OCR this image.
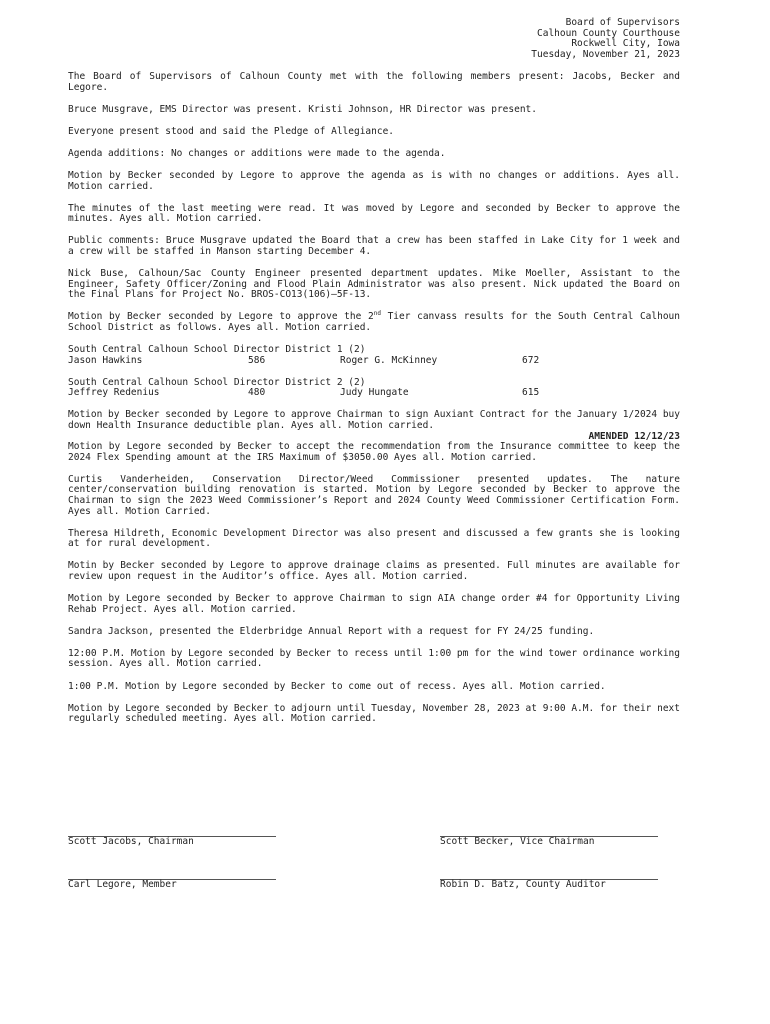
Board of Supervisors
Calhoun County Courthouse
Rockwell City, Iowa
Tuesday, November 21, 2023

The Board of Supervisors of Calhoun County met with the following members present: Jacobs, Becker and Legore.

Bruce Musgrave, EMS Director was present. Kristi Johnson, HR Director was present.

Everyone present stood and said the Pledge of Allegiance.

Agenda additions: No changes or additions were made to the agenda.

Motion by Becker seconded by Legore to approve the agenda as is with no changes or additions. Ayes all. Motion carried.

The minutes of the last meeting were read. It was moved by Legore and seconded by Becker to approve the minutes. Ayes all. Motion carried.

Public comments: Bruce Musgrave updated the Board that a crew has been staffed in Lake City for 1 week and a crew will be staffed in Manson starting December 4.

Nick Buse, Calhoun/Sac County Engineer presented department updates. Mike Moeller, Assistant to the Engineer, Safety Officer/Zoning and Flood Plain Administrator was also present. Nick updated the Board on the Final Plans for Project No. BROS-CO13(106)—5F-13.

Motion by Becker seconded by Legore to approve the 2nd Tier canvass results for the South Central Calhoun School District as follows. Ayes all. Motion carried.

South Central Calhoun School Director District 1 (2)
Jason Hawkins	586	Roger G. McKinney	672
South Central Calhoun School Director District 2 (2)
Jeffrey Redenius	480	Judy Hungate	615

Motion by Becker seconded by Legore to approve Chairman to sign Auxiant Contract for the January 1/2024 buy down Health Insurance deductible plan. Ayes all. Motion carried.

AMENDED 12/12/23

Motion by Legore seconded by Becker to accept the recommendation from the Insurance committee to keep the 2024 Flex Spending amount at the IRS Maximum of $3050.00 Ayes all. Motion carried.

Curtis Vanderheiden, Conservation Director/Weed Commissioner presented updates. The nature center/conservation building renovation is started. Motion by Legore seconded by Becker to approve the Chairman to sign the 2023 Weed Commissioner’s Report and 2024 County Weed Commissioner Certification Form. Ayes all. Motion Carried.

Theresa Hildreth, Economic Development Director was also present and discussed a few grants she is looking at for rural development.

Motin by Becker seconded by Legore to approve drainage claims as presented. Full minutes are available for review upon request in the Auditor’s office. Ayes all. Motion carried.

Motion by Legore seconded by Becker to approve Chairman to sign AIA change order #4 for Opportunity Living Rehab Project. Ayes all. Motion carried.

Sandra Jackson, presented the Elderbridge Annual Report with a request for FY 24/25 funding.

12:00 P.M. Motion by Legore seconded by Becker to recess until 1:00 pm for the wind tower ordinance working session. Ayes all. Motion carried.

1:00 P.M. Motion by Legore seconded by Becker to come out of recess. Ayes all. Motion carried.

Motion by Legore seconded by Becker to adjourn until Tuesday, November 28, 2023 at 9:00 A.M. for their next regularly scheduled meeting. Ayes all. Motion carried.

Scott Jacobs, Chairman	Scott Becker, Vice Chairman
Carl Legore, Member	Robin D. Batz, County Auditor
